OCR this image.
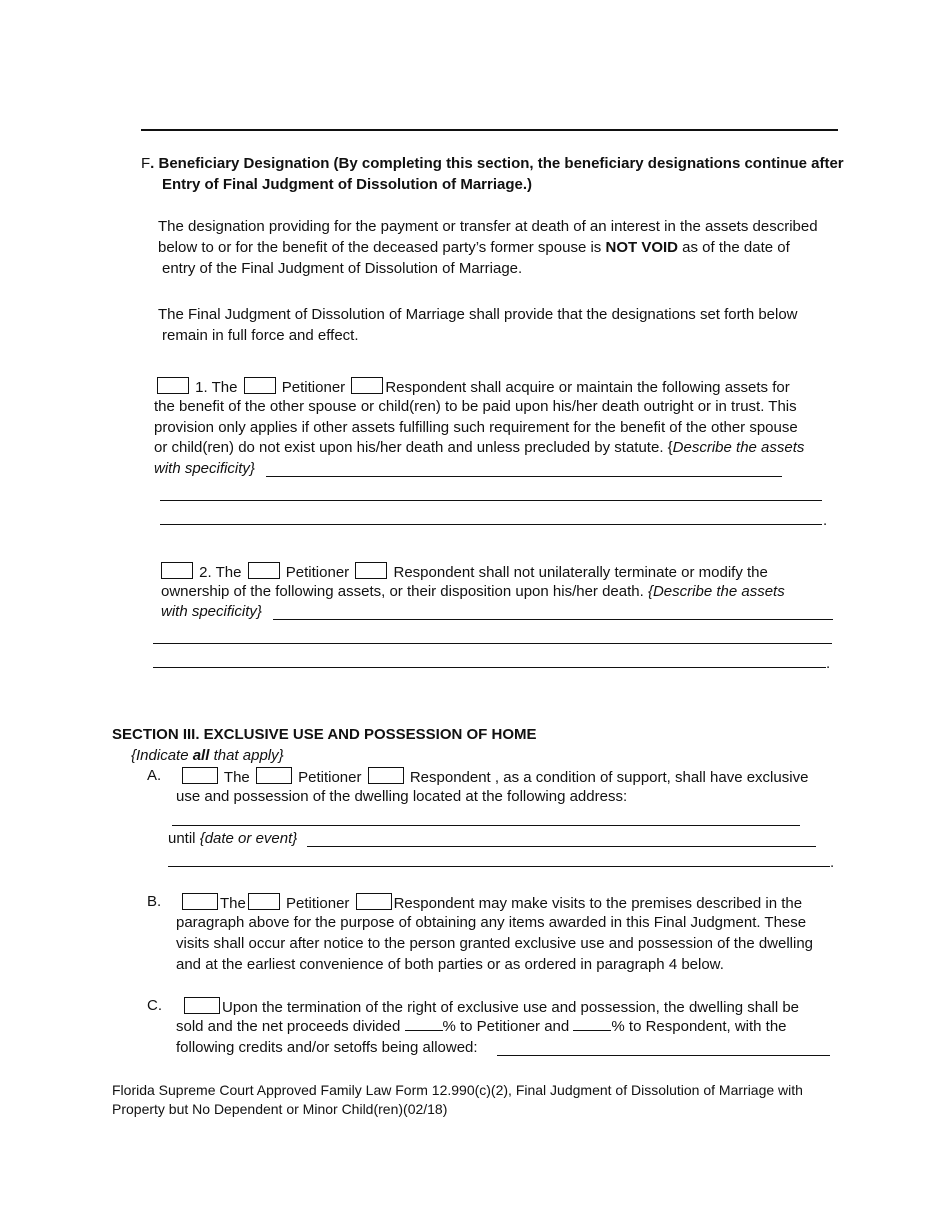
F. Beneficiary Designation (By completing this section, the beneficiary designations continue after
Entry of Final Judgment of Dissolution of Marriage.)
The designation providing for the payment or transfer at death of an interest in the assets described
below to or for the benefit of the deceased party’s former spouse is NOT VOID as of the date of
entry of the Final Judgment of Dissolution of Marriage.
The Final Judgment of Dissolution of Marriage shall provide that the designations set forth below
remain in full force and effect.
1. The	Petitioner	Respondent shall acquire or maintain the following assets for
the benefit of the other spouse or child(ren) to be paid upon his/her death outright or in trust. This
provision only applies if other assets fulfilling such requirement for the benefit of the other spouse
or child(ren) do not exist upon his/her death and unless precluded by statute. {Describe the assets
with specificity}
.
2. The	Petitioner	Respondent shall not unilaterally terminate or modify the
ownership of the following assets, or their disposition upon his/her death. {Describe the assets
with specificity}
.
SECTION III. EXCLUSIVE USE AND POSSESSION OF HOME
{Indicate all that apply}
A.	The	Petitioner	Respondent , as a condition of support, shall have exclusive
use and possession of the dwelling located at the following address:
until {date or event}
.
B.	The	Petitioner	Respondent may make visits to the premises described in the
paragraph above for the purpose of obtaining any items awarded in this Final Judgment. These
visits shall occur after notice to the person granted exclusive use and possession of the dwelling
and at the earliest convenience of both parties or as ordered in paragraph 4 below.
C.	Upon the termination of the right of exclusive use and possession, the dwelling shall be
sold and the net proceeds divided	% to Petitioner and	% to Respondent, with the
following credits and/or setoffs being allowed:
Florida Supreme Court Approved Family Law Form 12.990(c)(2), Final Judgment of Dissolution of Marriage with
Property but No Dependent or Minor Child(ren)(02/18)
